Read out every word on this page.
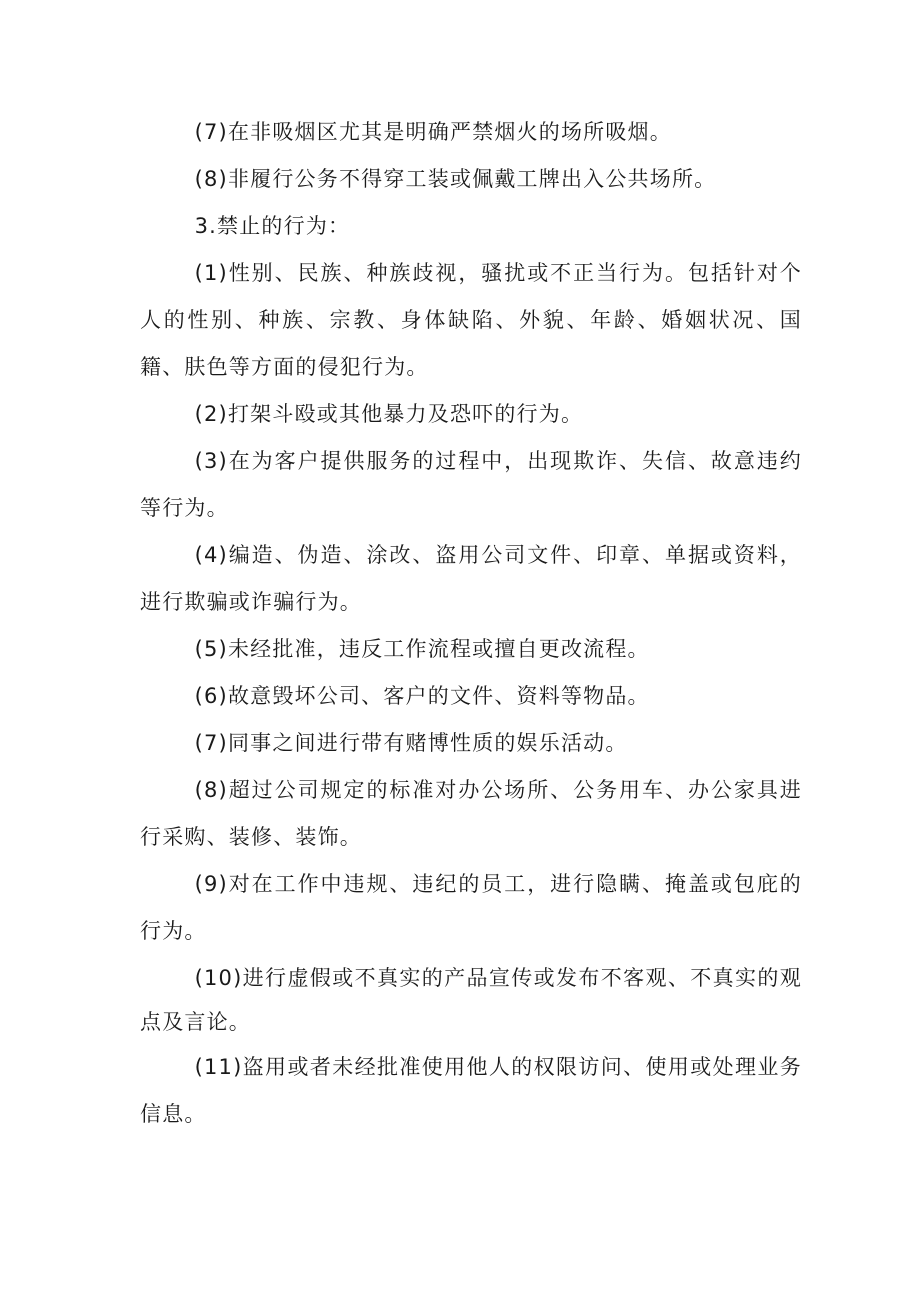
(7)在非吸烟区尤其是明确严禁烟火的场所吸烟。

(8)非履行公务不得穿工装或佩戴工牌出入公共场所。

3.禁止的行为：

(1)性别、民族、种族歧视，骚扰或不正当行为。包括针对个人的性别、种族、宗教、身体缺陷、外貌、年龄、婚姻状况、国籍、肤色等方面的侵犯行为。

(2)打架斗殴或其他暴力及恐吓的行为。

(3)在为客户提供服务的过程中，出现欺诈、失信、故意违约等行为。

(4)编造、伪造、涂改、盗用公司文件、印章、单据或资料，进行欺骗或诈骗行为。

(5)未经批准，违反工作流程或擅自更改流程。

(6)故意毁坏公司、客户的文件、资料等物品。

(7)同事之间进行带有赌博性质的娱乐活动。

(8)超过公司规定的标准对办公场所、公务用车、办公家具进行采购、装修、装饰。

(9)对在工作中违规、违纪的员工，进行隐瞒、掩盖或包庇的行为。

(10)进行虚假或不真实的产品宣传或发布不客观、不真实的观点及言论。

(11)盗用或者未经批准使用他人的权限访问、使用或处理业务信息。
